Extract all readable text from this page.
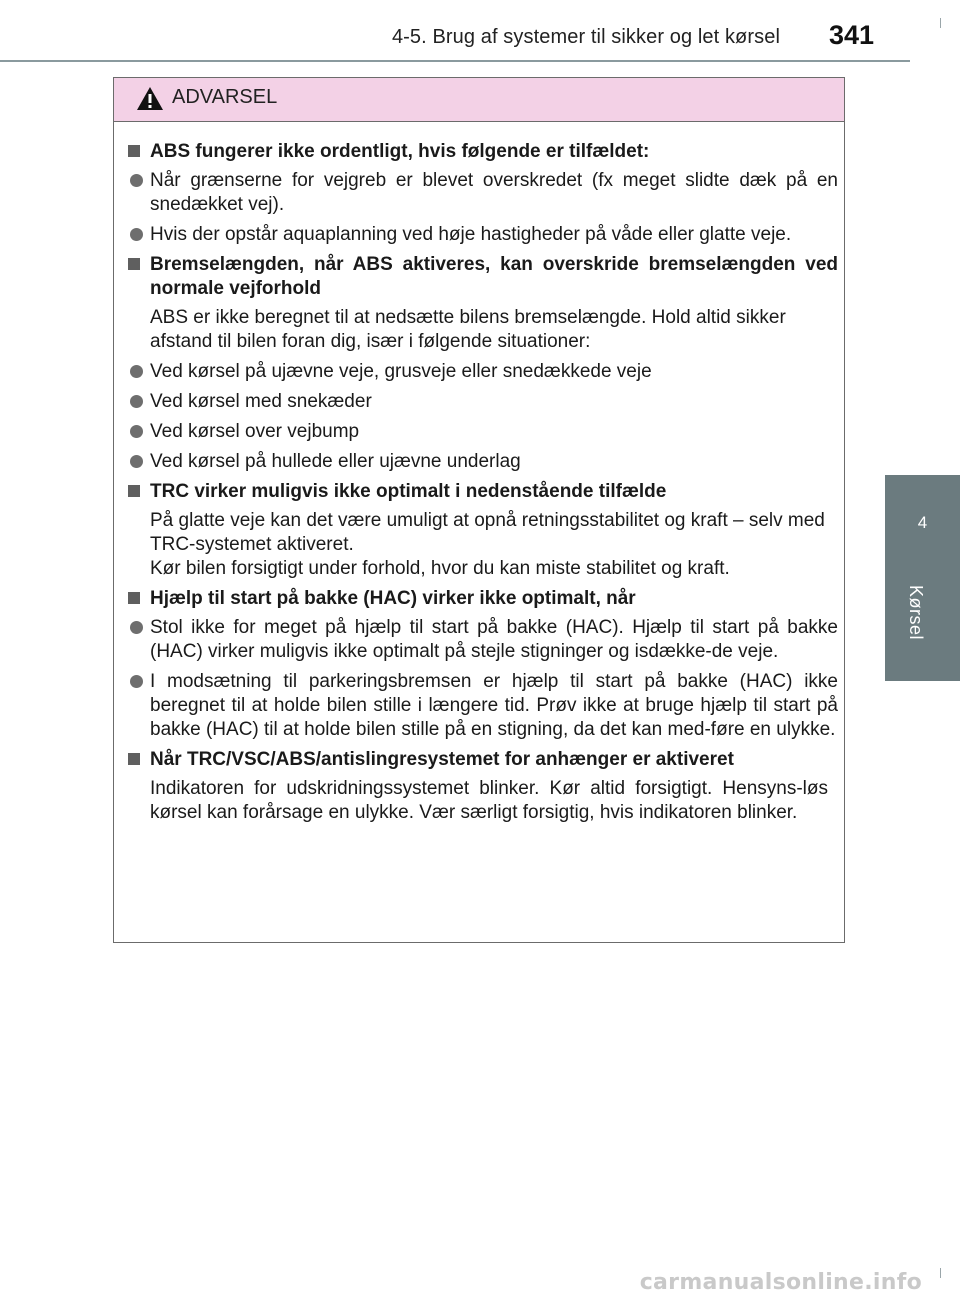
4-5. Brug af systemer til sikker og let kørsel 341
4
Kørsel
ADVARSEL
ABS fungerer ikke ordentligt, hvis følgende er tilfældet:
Når grænserne for vejgreb er blevet overskredet (fx meget slidte dæk på en snedækket vej).
Hvis der opstår aquaplanning ved høje hastigheder på våde eller glatte veje.
Bremselængden, når ABS aktiveres, kan overskride bremselængden ved normale vejforhold
ABS er ikke beregnet til at nedsætte bilens bremselængde. Hold altid sikker afstand til bilen foran dig, især i følgende situationer:
Ved kørsel på ujævne veje, grusveje eller snedækkede veje
Ved kørsel med snekæder
Ved kørsel over vejbump
Ved kørsel på hullede eller ujævne underlag
TRC virker muligvis ikke optimalt i nedenstående tilfælde
På glatte veje kan det være umuligt at opnå retningsstabilitet og kraft – selv med TRC-systemet aktiveret.
Kør bilen forsigtigt under forhold, hvor du kan miste stabilitet og kraft.
Hjælp til start på bakke (HAC) virker ikke optimalt, når
Stol ikke for meget på hjælp til start på bakke (HAC). Hjælp til start på bakke (HAC) virker muligvis ikke optimalt på stejle stigninger og isdække-de veje.
I modsætning til parkeringsbremsen er hjælp til start på bakke (HAC) ikke beregnet til at holde bilen stille i længere tid. Prøv ikke at bruge hjælp til start på bakke (HAC) til at holde bilen stille på en stigning, da det kan med-føre en ulykke.
Når TRC/VSC/ABS/antislingresystemet for anhænger er aktiveret
Indikatoren for udskridningssystemet blinker. Kør altid forsigtigt. Hensyns-løs kørsel kan forårsage en ulykke. Vær særligt forsigtig, hvis indikatoren blinker.
carmanualsonline.info
